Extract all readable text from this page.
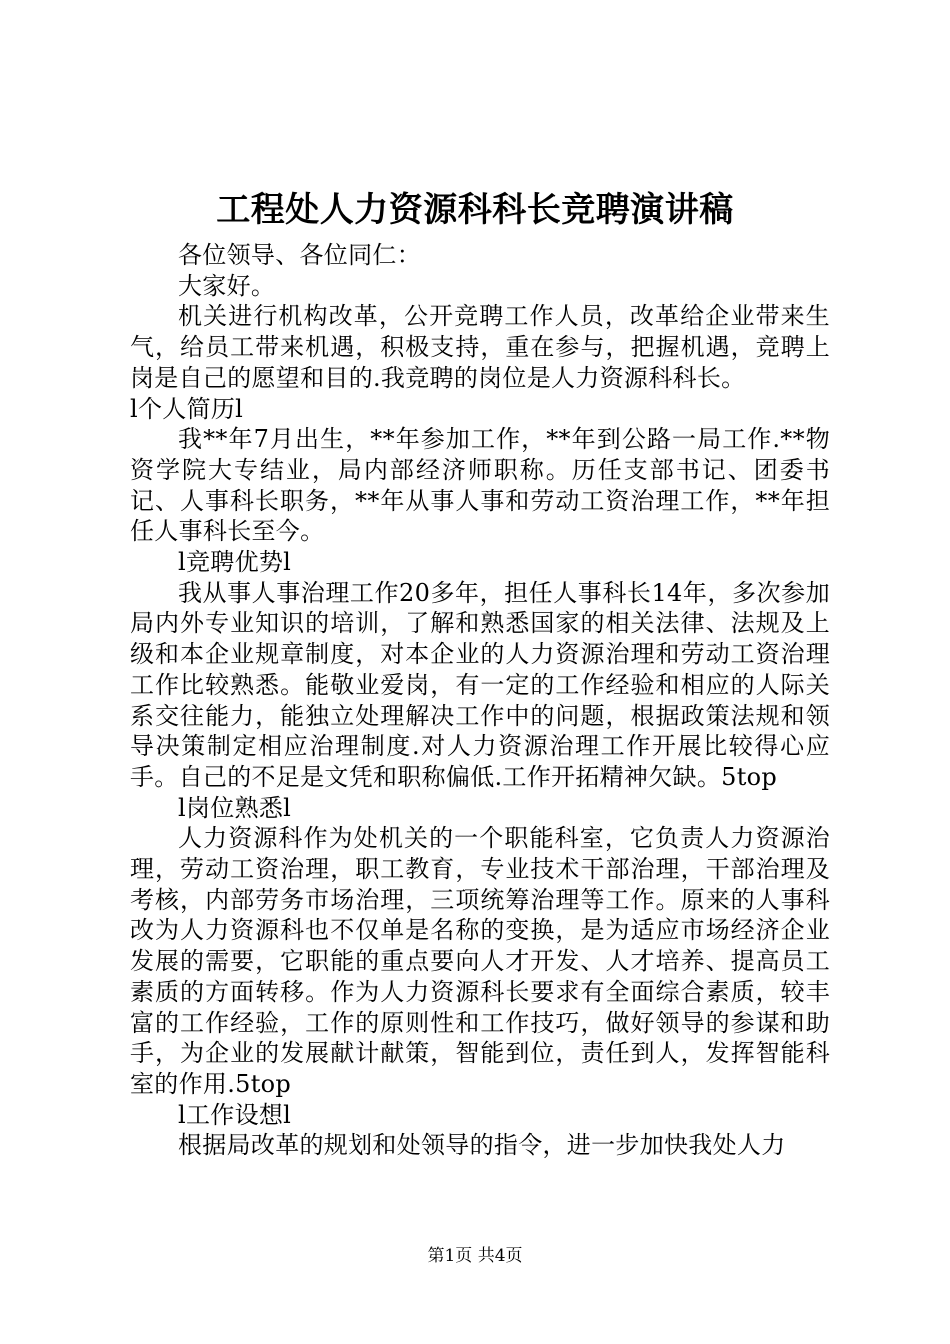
工程处人力资源科科长竞聘演讲稿

各位领导、各位同仁：

大家好。

机关进行机构改革，公开竞聘工作人员，改革给企业带来生气，给员工带来机遇，积极支持，重在参与，把握机遇，竞聘上岗是自己的愿望和目的.我竞聘的岗位是人力资源科科长。

l个人简历l

我**年7月出生，**年参加工作，**年到公路一局工作.**物资学院大专结业，局内部经济师职称。历任支部书记、团委书记、人事科长职务，**年从事人事和劳动工资治理工作，**年担任人事科长至今。

l竞聘优势l

我从事人事治理工作20多年，担任人事科长14年，多次参加局内外专业知识的培训，了解和熟悉国家的相关法律、法规及上级和本企业规章制度，对本企业的人力资源治理和劳动工资治理工作比较熟悉。能敬业爱岗，有一定的工作经验和相应的人际关系交往能力，能独立处理解决工作中的问题，根据政策法规和领导决策制定相应治理制度.对人力资源治理工作开展比较得心应手。自己的不足是文凭和职称偏低.工作开拓精神欠缺。5top

l岗位熟悉l

人力资源科作为处机关的一个职能科室，它负责人力资源治理，劳动工资治理，职工教育，专业技术干部治理，干部治理及考核，内部劳务市场治理，三项统筹治理等工作。原来的人事科改为人力资源科也不仅单是名称的变换，是为适应市场经济企业发展的需要，它职能的重点要向人才开发、人才培养、提高员工素质的方面转移。作为人力资源科长要求有全面综合素质，较丰富的工作经验，工作的原则性和工作技巧，做好领导的参谋和助手，为企业的发展献计献策，智能到位，责任到人，发挥智能科室的作用.5top

l工作设想l

根据局改革的规划和处领导的指令，进一步加快我处人力

第1页 共4页
